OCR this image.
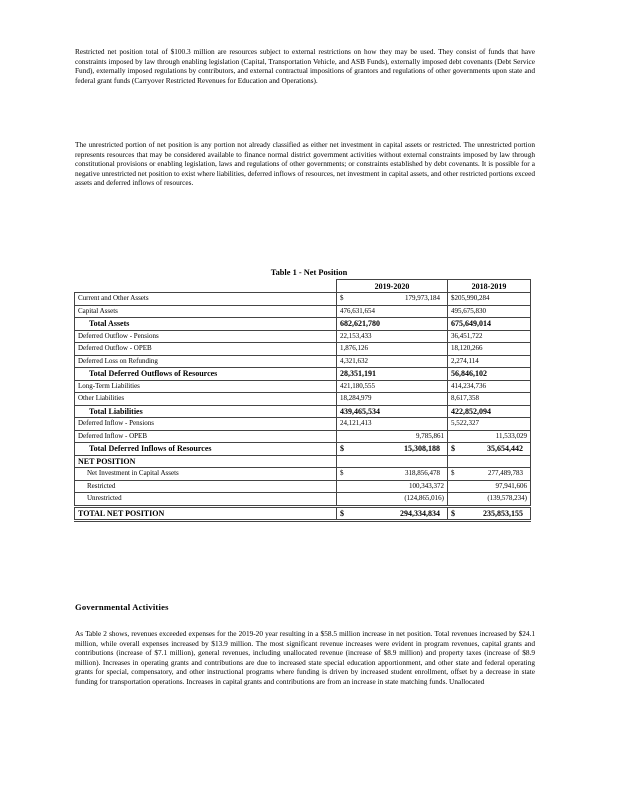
Restricted net position total of $100.3 million are resources subject to external restrictions on how they may be used. They consist of funds that have constraints imposed by law through enabling legislation (Capital, Transportation Vehicle, and ASB Funds), externally imposed debt covenants (Debt Service Fund), externally imposed regulations by contributors, and external contractual impositions of grantors and regulations of other governments upon state and federal grant funds (Carryover Restricted Revenues for Education and Operations).

The unrestricted portion of net position is any portion not already classified as either net investment in capital assets or restricted. The unrestricted portion represents resources that may be considered available to finance normal district government activities without external constraints imposed by law through constitutional provisions or enabling legislation, laws and regulations of other governments; or constraints established by debt covenants. It is possible for a negative unrestricted net position to exist where liabilities, deferred inflows of resources, net investment in capital assets, and other restricted portions exceed assets and deferred inflows of resources.

Table 1 - Net Position

	2019-2020	2018-2019
Current and Other Assets	$ 179,973,184	$205,990,284
Capital Assets	476,631,654	495,675,830
Total Assets	682,621,780	675,649,014
Deferred Outflow - Pensions	22,153,433	36,451,722
Deferred Outflow - OPEB	1,876,126	18,120,266
Deferred Loss on Refunding	4,321,632	2,274,114
Total Deferred Outflows of Resources	28,351,191	56,846,102
Long-Term Liabilities	421,180,555	414,234,736
Other Liabilities	18,284,979	8,617,358
Total Liabilities	439,465,534	422,852,094
Deferred Inflow - Pensions	24,121,413	5,522,327
Deferred Inflow - OPEB	9,785,861	11,533,029
Total Deferred Inflows of Resources	$ 15,308,188	$ 35,654,442
NET POSITION		
Net Investment in Capital Assets	$ 318,856,478	$ 277,489,783
Restricted	100,343,372	97,941,606
Unrestricted	(124,865,016)	(139,578,234)
TOTAL NET POSITION	$ 294,334,834	$ 235,853,155

Governmental Activities

As Table 2 shows, revenues exceeded expenses for the 2019-20 year resulting in a $58.5 million increase in net position. Total revenues increased by $24.1 million, while overall expenses increased by $13.9 million. The most significant revenue increases were evident in program revenues, capital grants and contributions (increase of $7.1 million), general revenues, including unallocated revenue (increase of $8.9 million) and property taxes (increase of $8.9 million). Increases in operating grants and contributions are due to increased state special education apportionment, and other state and federal operating grants for special, compensatory, and other instructional programs where funding is driven by increased student enrollment, offset by a decrease in state funding for transportation operations. Increases in capital grants and contributions are from an increase in state matching funds. Unallocated
